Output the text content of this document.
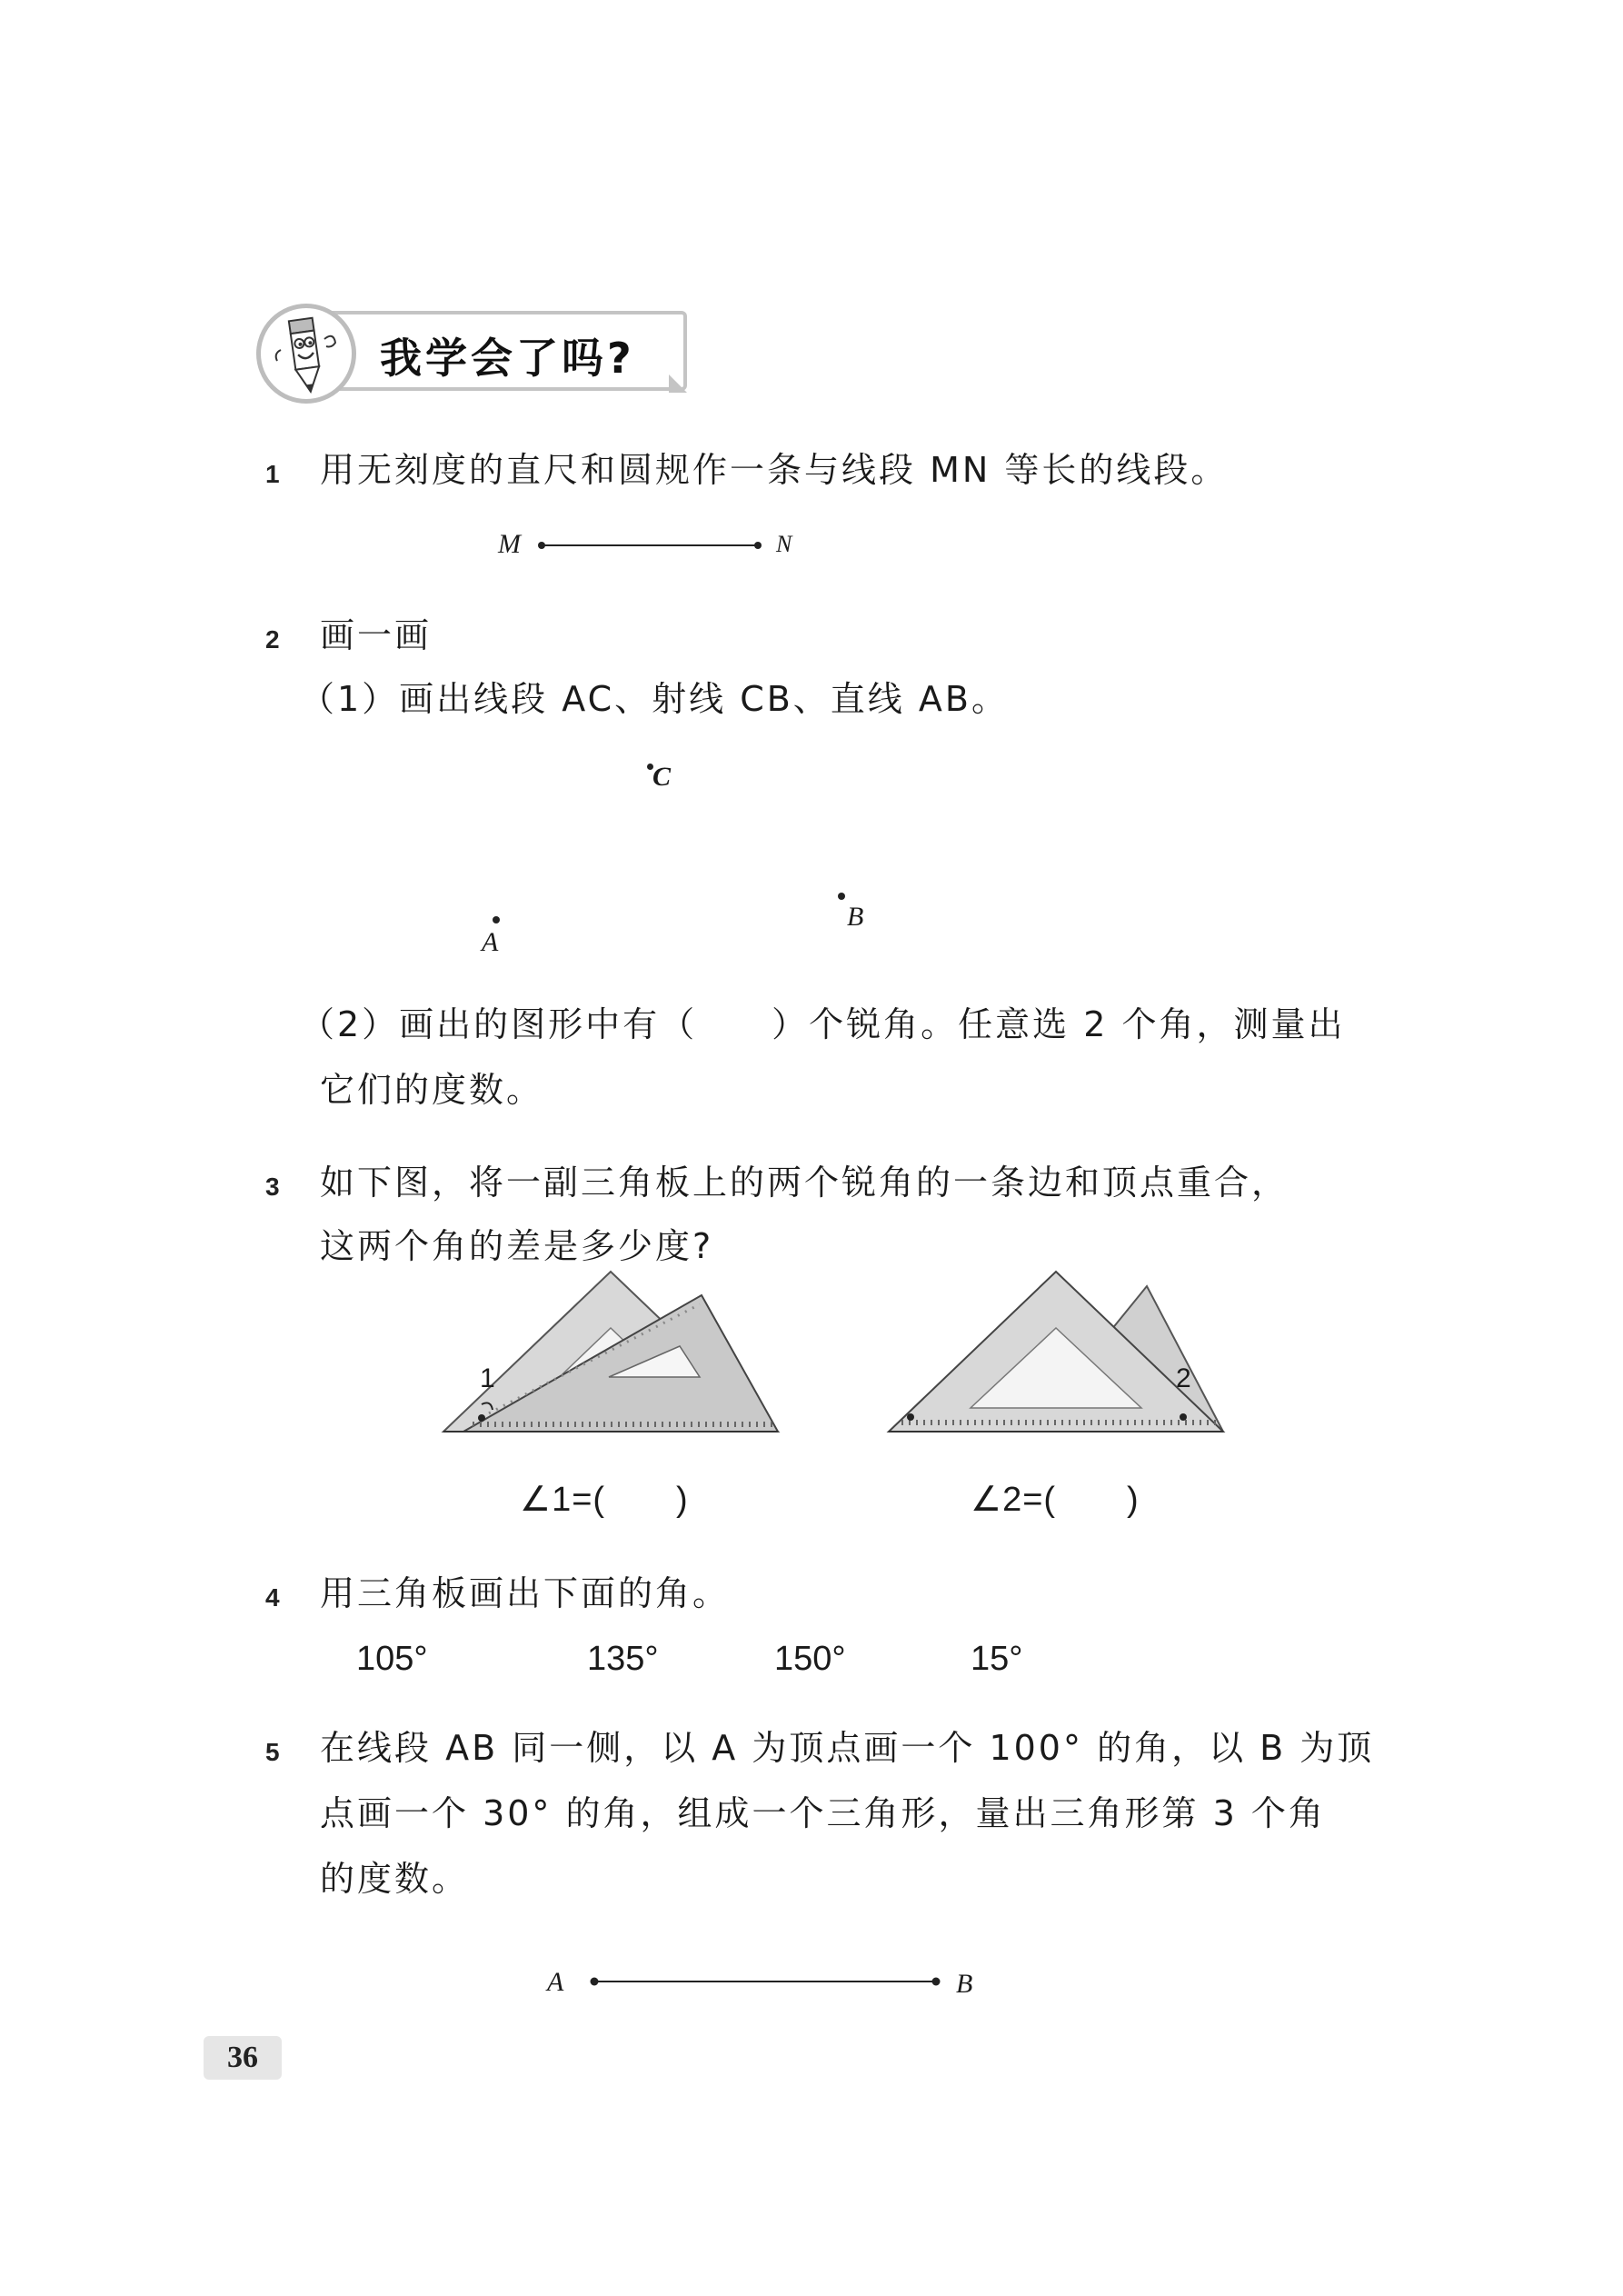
我学会了吗?
1 用无刻度的直尺和圆规作一条与线段 MN 等长的线段。
M	N
2 画一画
（1）画出线段 AC、射线 CB、直线 AB。
C
A
B
（2）画出的图形中有（　　）个锐角。任意选 2 个角，测量出
它们的度数。
3 如下图，将一副三角板上的两个锐角的一条边和顶点重合，
这两个角的差是多少度?
1	2
∠1=(　　)	∠2=(　　)
4 用三角板画出下面的角。
105°	135°	150°	15°
5 在线段 AB 同一侧，以 A 为顶点画一个 100° 的角，以 B 为顶
点画一个 30° 的角，组成一个三角形，量出三角形第 3 个角
的度数。
A	B
36
